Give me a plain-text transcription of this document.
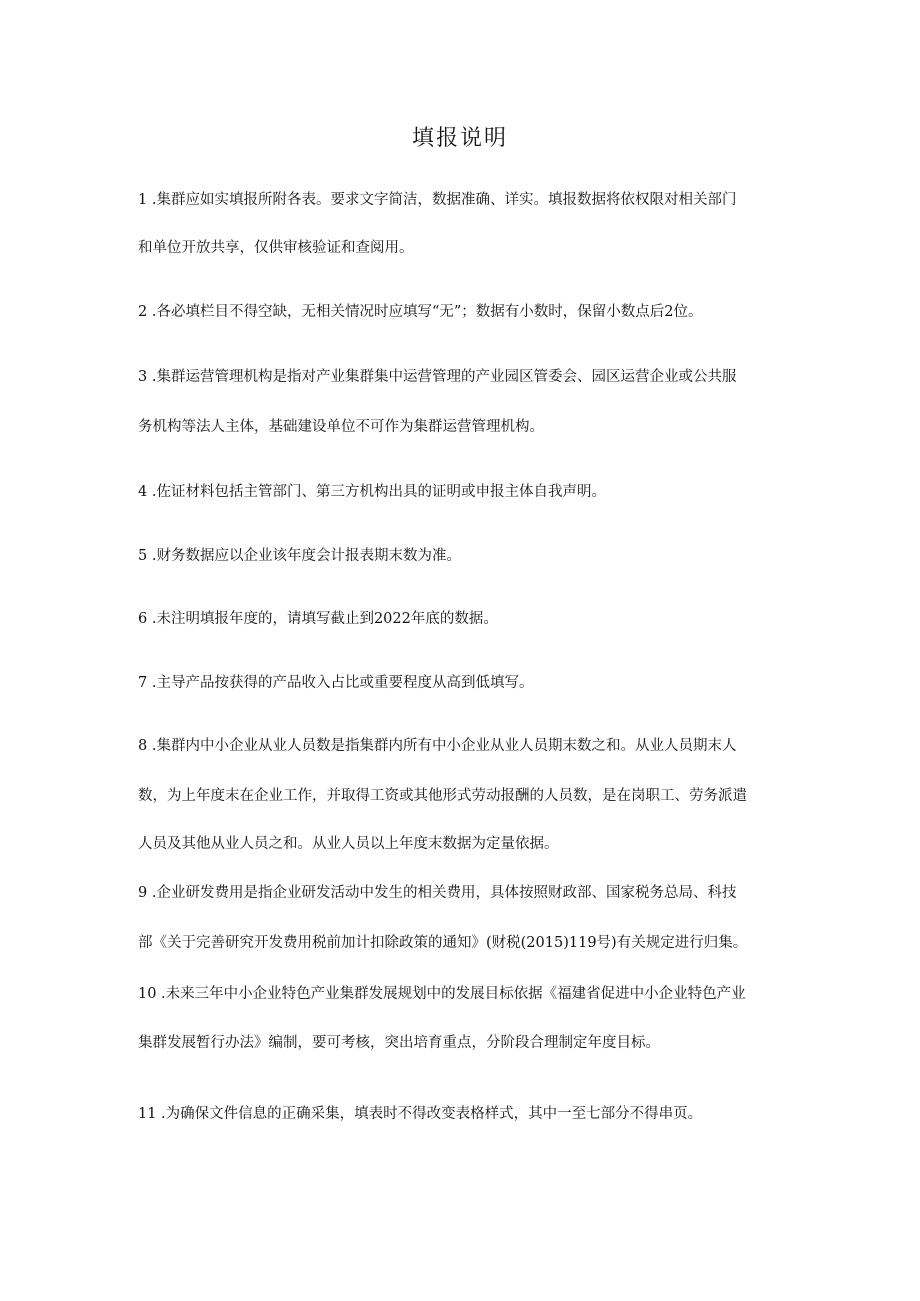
填报说明
1 .集群应如实填报所附各表。要求文字简洁，数据准确、详实。填报数据将依权限对相关部门
和单位开放共享，仅供审核验证和查阅用。
2 .各必填栏目不得空缺，无相关情况时应填写“无”；数据有小数时，保留小数点后2位。
3 .集群运营管理机构是指对产业集群集中运营管理的产业园区管委会、园区运营企业或公共服
务机构等法人主体，基础建设单位不可作为集群运营管理机构。
4 .佐证材料包括主管部门、第三方机构出具的证明或申报主体自我声明。
5 .财务数据应以企业该年度会计报表期末数为准。
6 .未注明填报年度的，请填写截止到2022年底的数据。
7 .主导产品按获得的产品收入占比或重要程度从高到低填写。
8 .集群内中小企业从业人员数是指集群内所有中小企业从业人员期末数之和。从业人员期末人
数，为上年度末在企业工作，并取得工资或其他形式劳动报酬的人员数，是在岗职工、劳务派遣
人员及其他从业人员之和。从业人员以上年度末数据为定量依据。
9 .企业研发费用是指企业研发活动中发生的相关费用，具体按照财政部、国家税务总局、科技
部《关于完善研究开发费用税前加计扣除政策的通知》(财税(2015)119号)有关规定进行归集。
10 .未来三年中小企业特色产业集群发展规划中的发展目标依据《福建省促进中小企业特色产业
集群发展暂行办法》编制，要可考核，突出培育重点，分阶段合理制定年度目标。
11 .为确保文件信息的正确采集，填表时不得改变表格样式，其中一至七部分不得串页。
